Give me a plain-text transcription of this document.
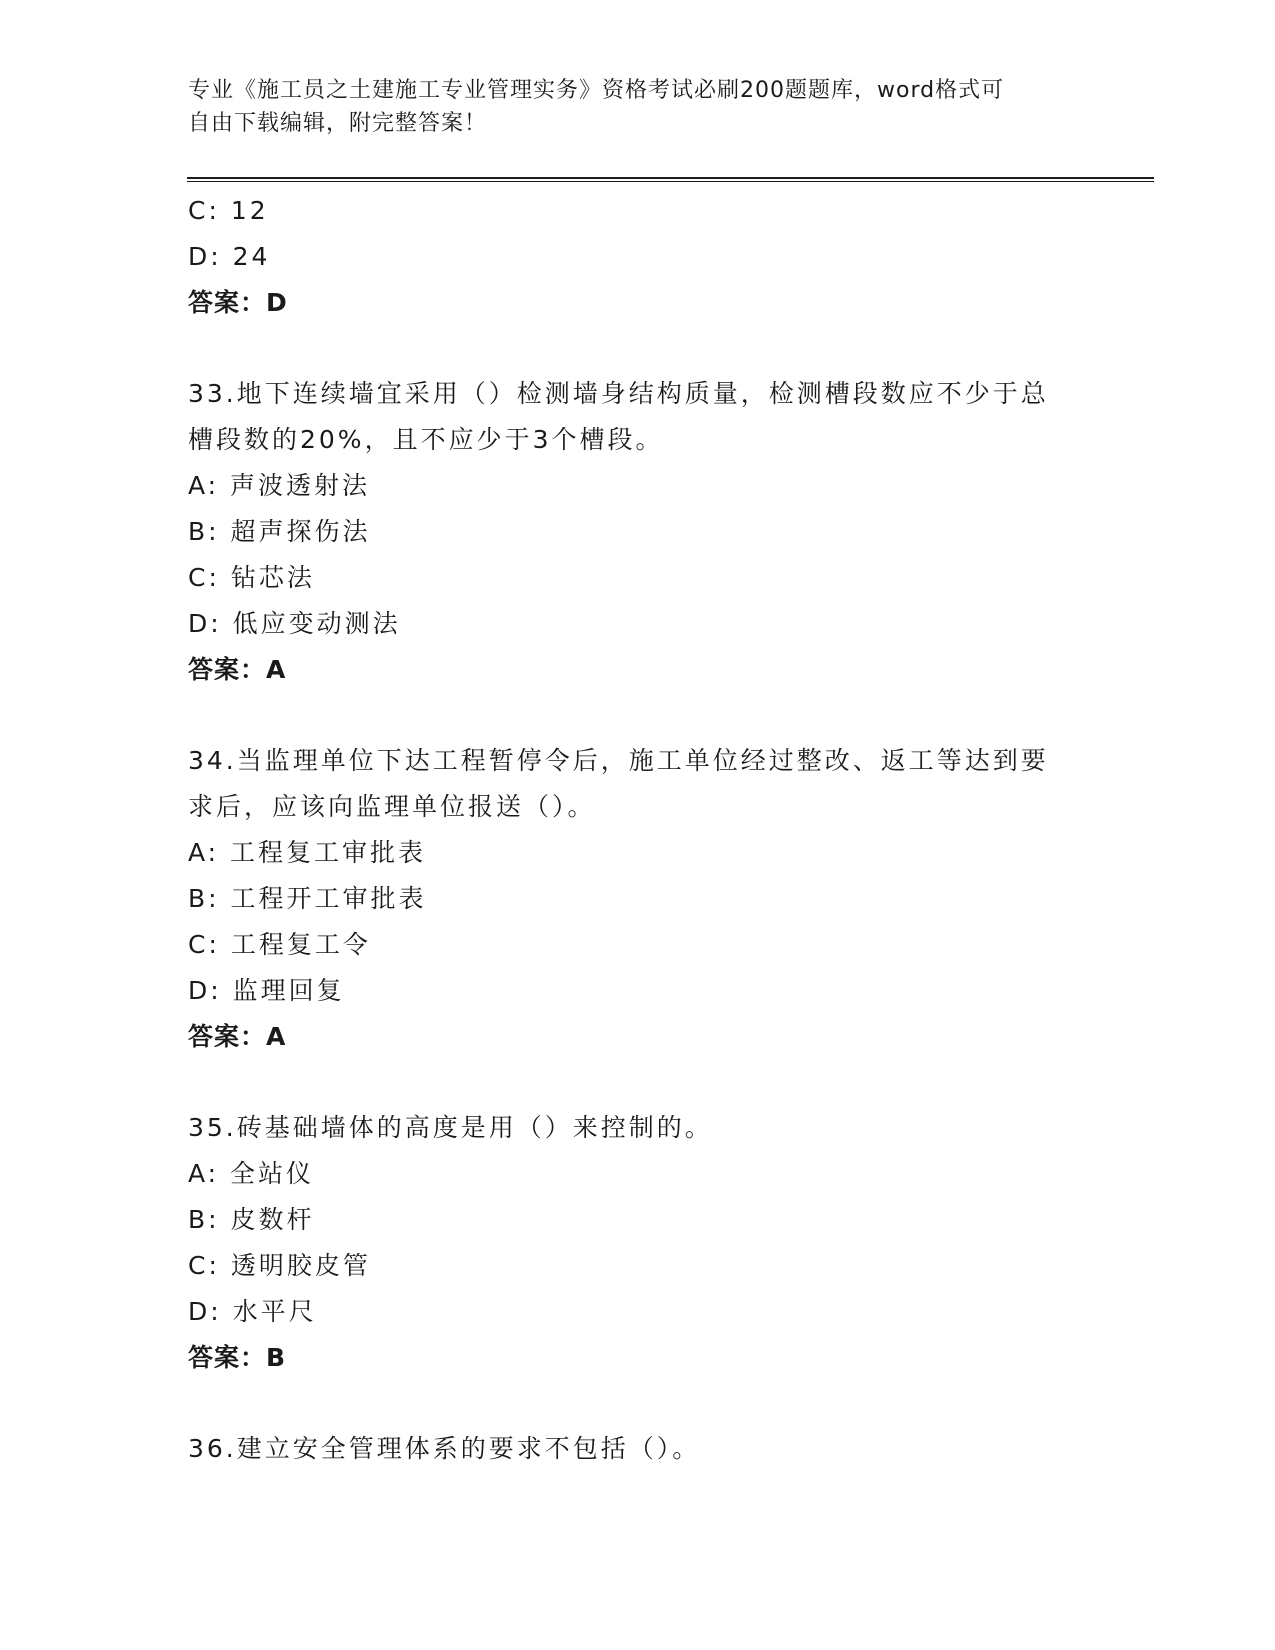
专业《施工员之土建施工专业管理实务》资格考试必刷200题题库，word格式可
自由下载编辑，附完整答案！
C: 12
D: 24
答案：D
33.地下连续墙宜采用（）检测墙身结构质量，检测槽段数应不少于总
槽段数的20%，且不应少于3个槽段。
A: 声波透射法
B: 超声探伤法
C: 钻芯法
D: 低应变动测法
答案：A
34.当监理单位下达工程暂停令后，施工单位经过整改、返工等达到要
求后，应该向监理单位报送（）。
A: 工程复工审批表
B: 工程开工审批表
C: 工程复工令
D: 监理回复
答案：A
35.砖基础墙体的高度是用（）来控制的。
A: 全站仪
B: 皮数杆
C: 透明胶皮管
D: 水平尺
答案：B
36.建立安全管理体系的要求不包括（）。
